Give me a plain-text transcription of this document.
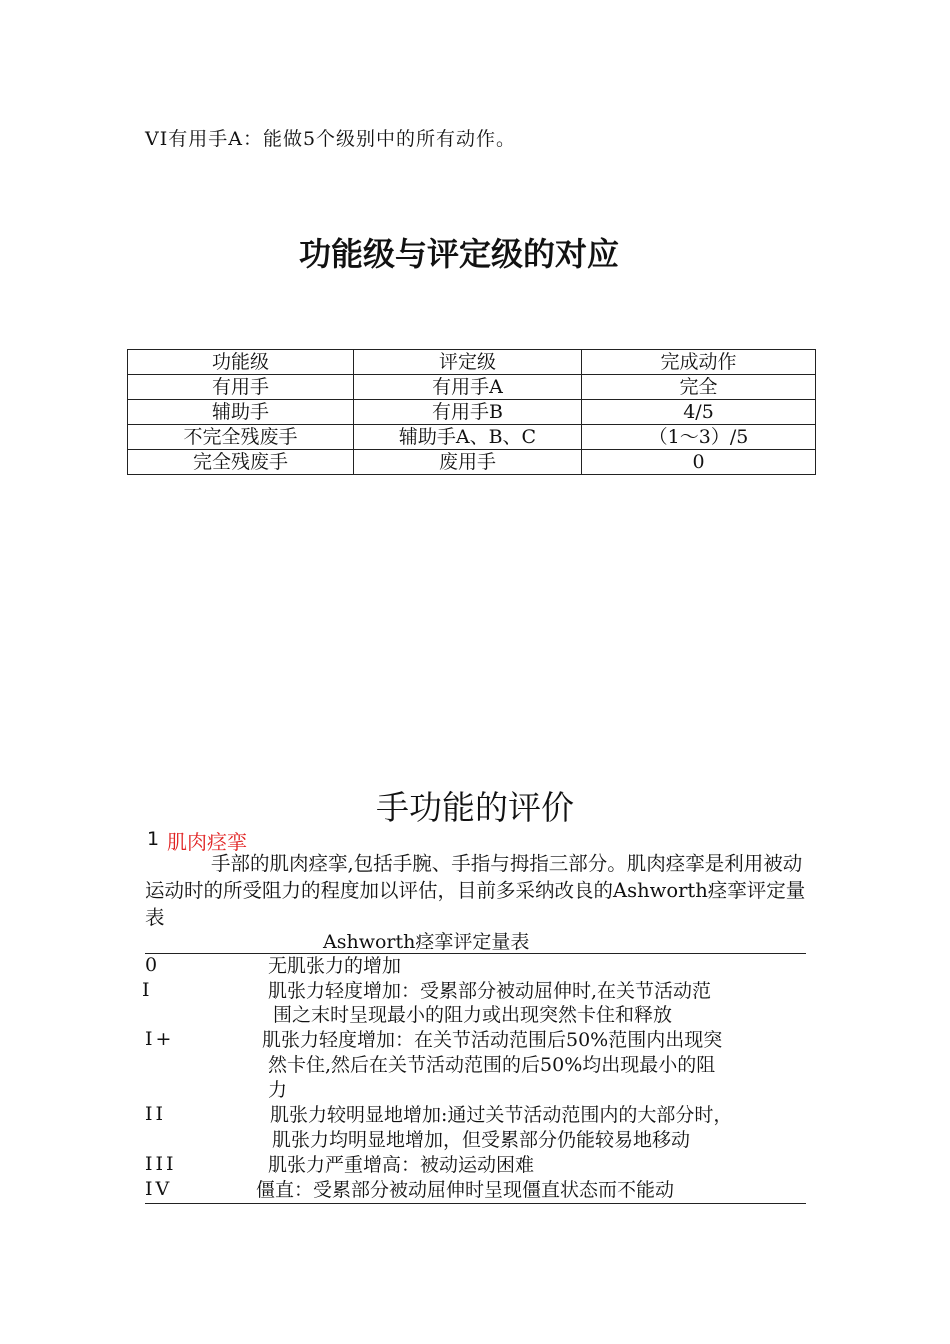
VI有用手A：能做5个级别中的所有动作。
功能级与评定级的对应
功能级	评定级	完成动作
有用手	有用手A	完全
辅助手	有用手B	4/5
不完全残废手	辅助手A、B、C	（1～3）/5
完全残废手	废用手	0
手功能的评价
1 肌肉痉挛
手部的肌肉痉挛,包括手腕、手指与拇指三部分。肌肉痉挛是利用被动运动时的所受阻力的程度加以评估，目前多采纳改良的Ashworth痉挛评定量表
Ashworth痉挛评定量表
0	无肌张力的增加
I	肌张力轻度增加：受累部分被动屈伸时,在关节活动范
围之末时呈现最小的阻力或出现突然卡住和释放
I+	肌张力轻度增加：在关节活动范围后50%范围内出现突
然卡住,然后在关节活动范围的后50%均出现最小的阻
力
II	肌张力较明显地增加:通过关节活动范围内的大部分时，
肌张力均明显地增加，但受累部分仍能较易地移动
III	肌张力严重增高：被动运动困难
IV	僵直：受累部分被动屈伸时呈现僵直状态而不能动
